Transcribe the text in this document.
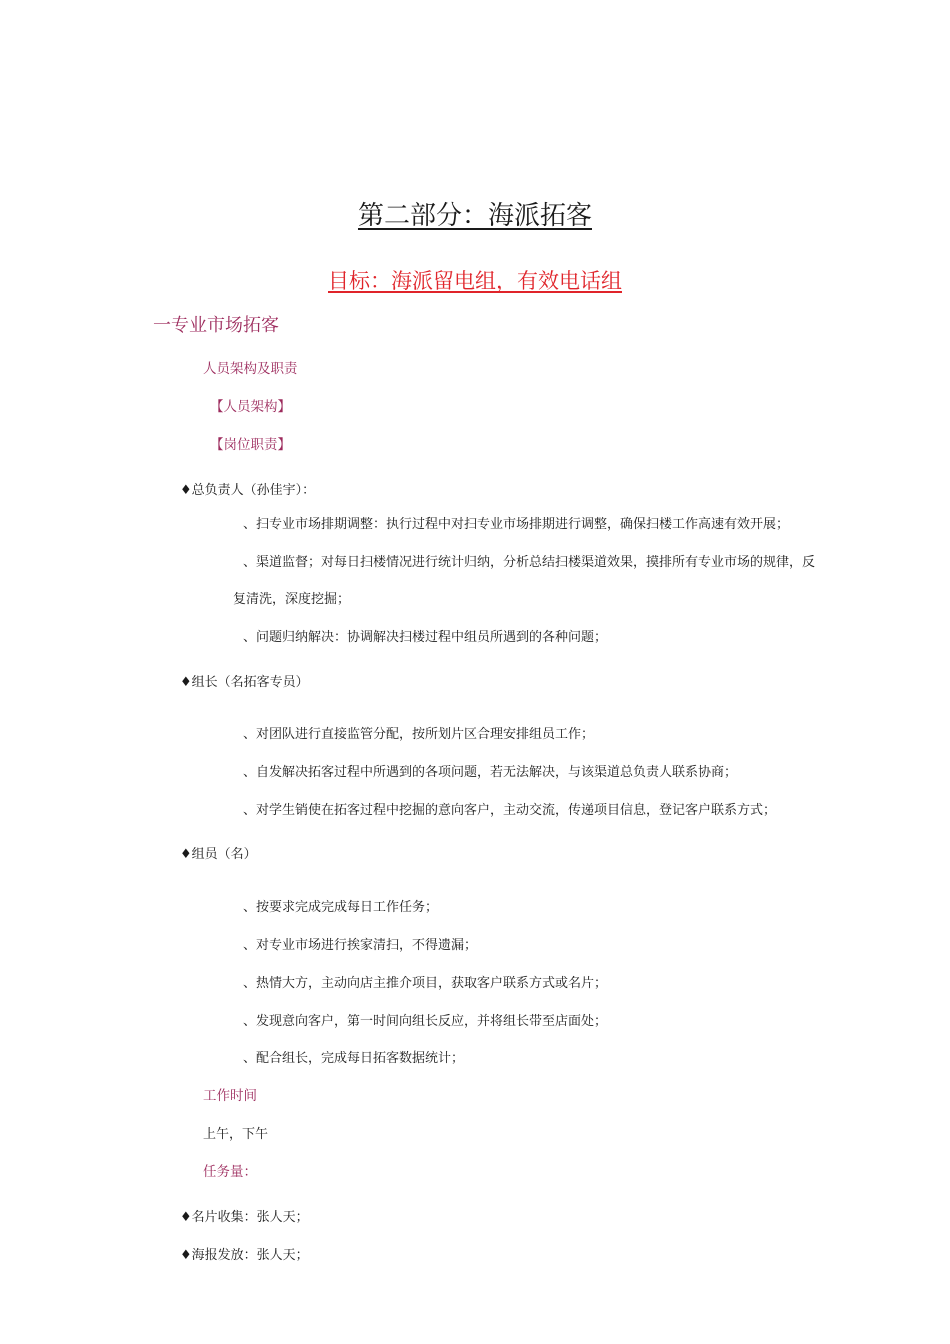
第二部分：海派拓客
目标：海派留电组，有效电话组
一专业市场拓客
人员架构及职责
【人员架构】
【岗位职责】
♦总负责人（孙佳宇）：
、扫专业市场排期调整：执行过程中对扫专业市场排期进行调整，确保扫楼工作高速有效开展；
、渠道监督；对每日扫楼情况进行统计归纳，分析总结扫楼渠道效果，摸排所有专业市场的规律，反
复清洗，深度挖掘；
、问题归纳解决：协调解决扫楼过程中组员所遇到的各种问题；
♦组长（名拓客专员）
、对团队进行直接监管分配，按所划片区合理安排组员工作；
、自发解决拓客过程中所遇到的各项问题，若无法解决，与该渠道总负责人联系协商；
、对学生销使在拓客过程中挖掘的意向客户，主动交流，传递项目信息，登记客户联系方式；
♦组员（名）
、按要求完成完成每日工作任务；
、对专业市场进行挨家清扫，不得遗漏；
、热情大方，主动向店主推介项目，获取客户联系方式或名片；
、发现意向客户，第一时间向组长反应，并将组长带至店面处；
、配合组长，完成每日拓客数据统计；
工作时间
上午，下午
任务量：
♦名片收集：张人天；
♦海报发放：张人天；
